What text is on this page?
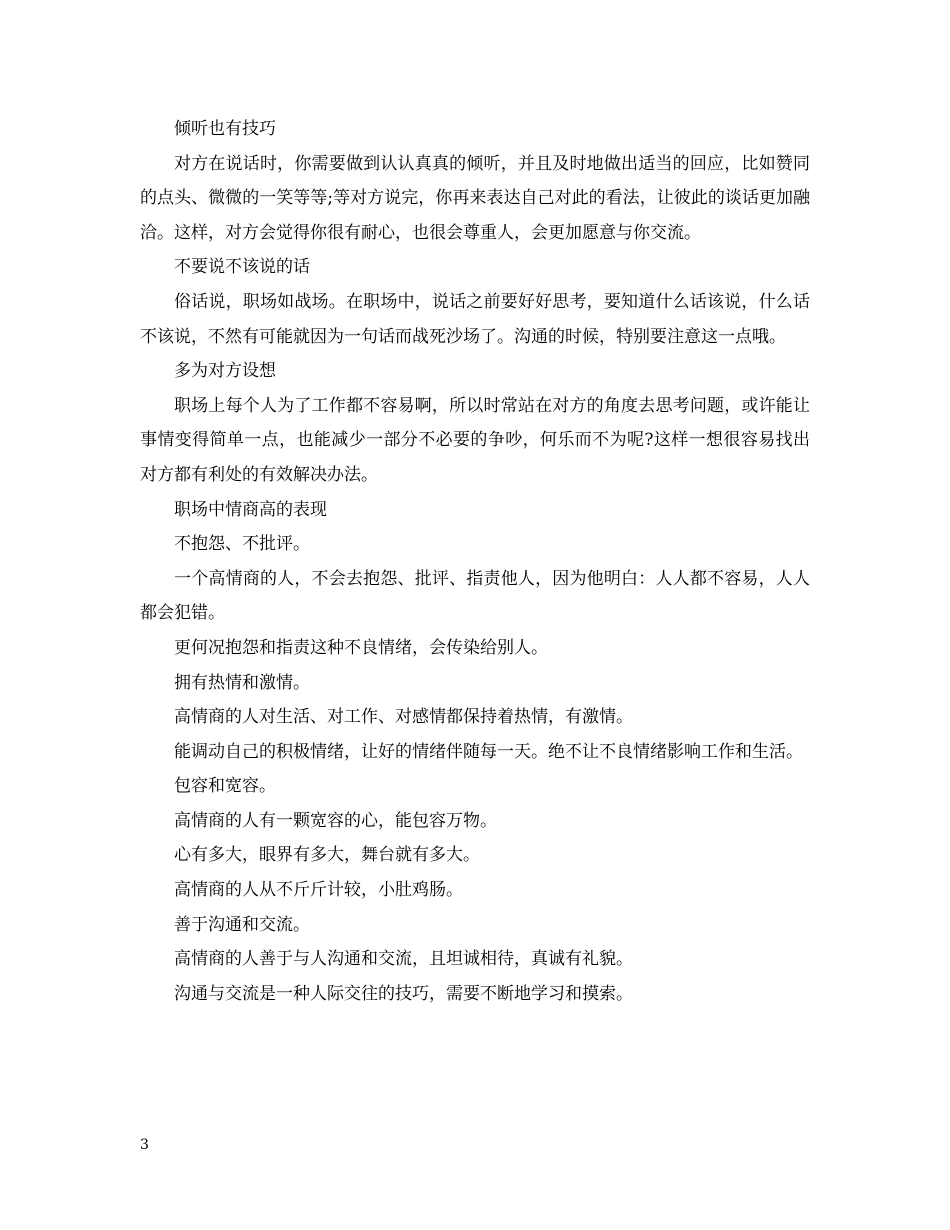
倾听也有技巧

对方在说话时，你需要做到认认真真的倾听，并且及时地做出适当的回应，比如赞同的点头、微微的一笑等等;等对方说完，你再来表达自己对此的看法，让彼此的谈话更加融洽。这样，对方会觉得你很有耐心，也很会尊重人，会更加愿意与你交流。

不要说不该说的话

俗话说，职场如战场。在职场中，说话之前要好好思考，要知道什么话该说，什么话不该说，不然有可能就因为一句话而战死沙场了。沟通的时候，特别要注意这一点哦。

多为对方设想

职场上每个人为了工作都不容易啊，所以时常站在对方的角度去思考问题，或许能让事情变得简单一点，也能减少一部分不必要的争吵，何乐而不为呢?这样一想很容易找出对方都有利处的有效解决办法。

职场中情商高的表现

不抱怨、不批评。

一个高情商的人，不会去抱怨、批评、指责他人，因为他明白：人人都不容易，人人都会犯错。

更何况抱怨和指责这种不良情绪，会传染给别人。

拥有热情和激情。

高情商的人对生活、对工作、对感情都保持着热情，有激情。

能调动自己的积极情绪，让好的情绪伴随每一天。绝不让不良情绪影响工作和生活。

包容和宽容。

高情商的人有一颗宽容的心，能包容万物。

心有多大，眼界有多大，舞台就有多大。

高情商的人从不斤斤计较，小肚鸡肠。

善于沟通和交流。

高情商的人善于与人沟通和交流，且坦诚相待，真诚有礼貌。

沟通与交流是一种人际交往的技巧，需要不断地学习和摸索。

3
